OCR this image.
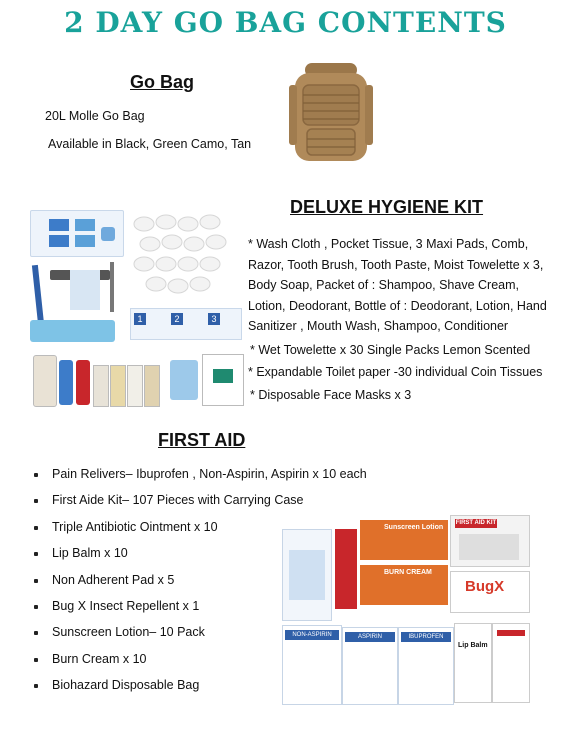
2 DAY GO BAG CONTENTS
Go Bag
20L Molle Go Bag
Available in Black, Green Camo, Tan
DELUXE HYGIENE KIT
1	2	3
* Wash Cloth , Pocket Tissue, 3 Maxi Pads, Comb, Razor, Tooth Brush, Tooth Paste, Moist Towelette x 3, Body Soap, Packet of : Shampoo, Shave Cream, Lotion, Deodorant, Bottle of : Deodorant, Lotion, Hand Sanitizer , Mouth Wash, Shampoo, Conditioner
* Wet Towelette x 30 Single Packs Lemon Scented
* Expandable Toilet paper -30 individual Coin Tissues
* Disposable Face Masks x 3
FIRST AID
Pain Relivers– Ibuprofen , Non-Aspirin, Aspirin x 10 each
First Aide Kit– 107 Pieces with Carrying Case
Triple Antibiotic Ointment x 10
Lip Balm x 10
Non Adherent Pad x 5
Bug X Insect Repellent x 1
Sunscreen Lotion– 10 Pack
Burn Cream x 10
Biohazard Disposable Bag
Sunscreen Lotion
FIRST AID KIT
BURN CREAM
BugX
NON-ASPIRIN	ASPIRIN	IBUPROFEN
Lip Balm
